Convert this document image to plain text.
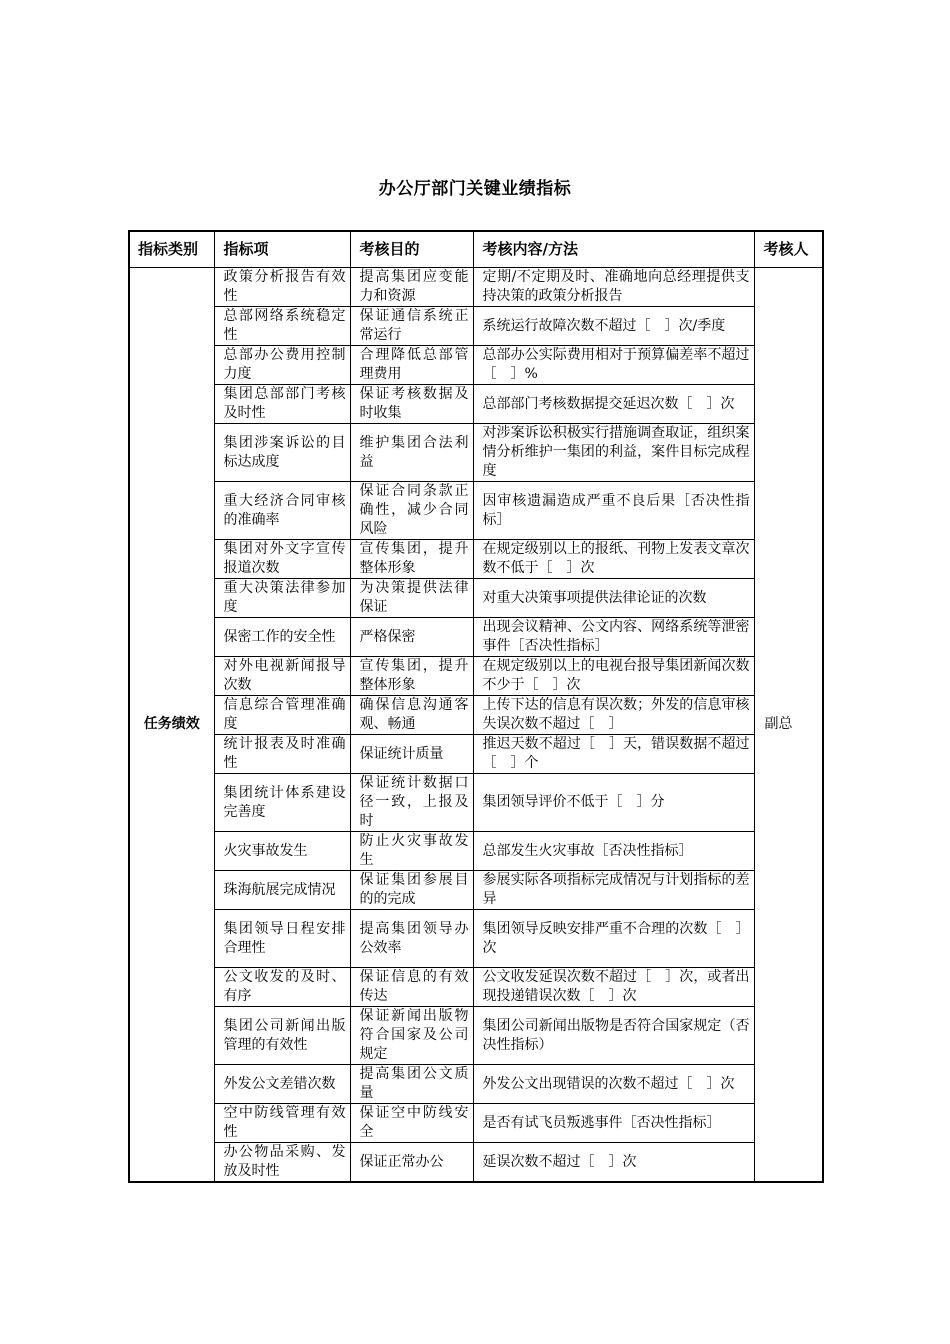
办公厅部门关键业绩指标
指标类别	指标项	考核目的	考核内容/方法	考核人
任务绩效	政策分析报告有效性	提高集团应变能力和资源	定期/不定期及时、准确地向总经理提供支持决策的政策分析报告	副总
	总部网络系统稳定性	保证通信系统正常运行	系统运行故障次数不超过［　］次/季度	
	总部办公费用控制力度	合理降低总部管理费用	总部办公实际费用相对于预算偏差率不超过［　］%	
	集团总部部门考核及时性	保证考核数据及时收集	总部部门考核数据提交延迟次数［　］次	
	集团涉案诉讼的目标达成度	维护集团合法利益	对涉案诉讼积极实行措施调查取证，组织案情分析维护一集团的利益，案件目标完成程度	
	重大经济合同审核的准确率	保证合同条款正确性，减少合同风险	因审核遗漏造成严重不良后果［否决性指标］	
	集团对外文字宣传报道次数	宣传集团，提升整体形象	在规定级别以上的报纸、刊物上发表文章次数不低于［　］次	
	重大决策法律参加度	为决策提供法律保证	对重大决策事项提供法律论证的次数	
	保密工作的安全性	严格保密	出现会议精神、公文内容、网络系统等泄密事件［否决性指标］	
	对外电视新闻报导次数	宣传集团，提升整体形象	在规定级别以上的电视台报导集团新闻次数不少于［　］次	
	信息综合管理准确度	确保信息沟通客观、畅通	上传下达的信息有误次数；外发的信息审核失误次数不超过［　］	
	统计报表及时准确性	保证统计质量	推迟天数不超过［　］天，错误数据不超过［　］个	
	集团统计体系建设完善度	保证统计数据口径一致，上报及时	集团领导评价不低于［　］分	
	火灾事故发生	防止火灾事故发生	总部发生火灾事故［否决性指标］	
	珠海航展完成情况	保证集团参展目的的完成	参展实际各项指标完成情况与计划指标的差异	
	集团领导日程安排合理性	提高集团领导办公效率	集团领导反映安排严重不合理的次数［　］次	
	公文收发的及时、有序	保证信息的有效传达	公文收发延误次数不超过［　］次，或者出现投递错误次数［　］次	
	集团公司新闻出版管理的有效性	保证新闻出版物符合国家及公司规定	集团公司新闻出版物是否符合国家规定（否决性指标）	
	外发公文差错次数	提高集团公文质量	外发公文出现错误的次数不超过［　］次	
	空中防线管理有效性	保证空中防线安全	是否有试飞员叛逃事件［否决性指标］	
	办公物品采购、发放及时性	保证正常办公	延误次数不超过［　］次	
